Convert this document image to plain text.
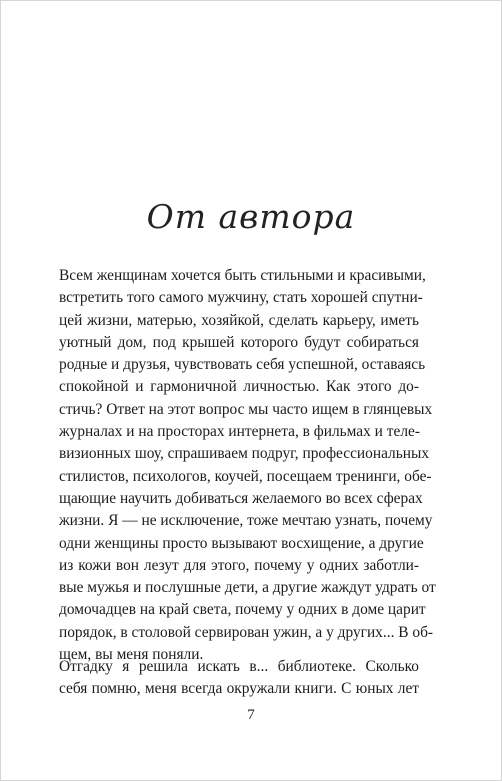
От автора
Всем женщинам хочется быть стильными и красивыми,
встретить того самого мужчину, стать хорошей спутни-
цей жизни, матерью, хозяйкой, сделать карьеру, иметь
уютный дом, под крышей которого будут собираться
родные и друзья, чувствовать себя успешной, оставаясь
спокойной и гармоничной личностью. Как этого до-
стичь? Ответ на этот вопрос мы часто ищем в глянцевых
журналах и на просторах интернета, в фильмах и теле-
визионных шоу, спрашиваем подруг, профессиональных
стилистов, психологов, коучей, посещаем тренинги, обе-
щающие научить добиваться желаемого во всех сферах
жизни. Я — не исключение, тоже мечтаю узнать, почему
одни женщины просто вызывают восхищение, а другие
из кожи вон лезут для этого, почему у одних заботли-
вые мужья и послушные дети, а другие жаждут удрать от
домочадцев на край света, почему у одних в доме царит
порядок, в столовой сервирован ужин, а у других... В об-
щем, вы меня поняли.
Отгадку я решила искать в... библиотеке. Сколько
себя помню, меня всегда окружали книги. С юных лет
7
